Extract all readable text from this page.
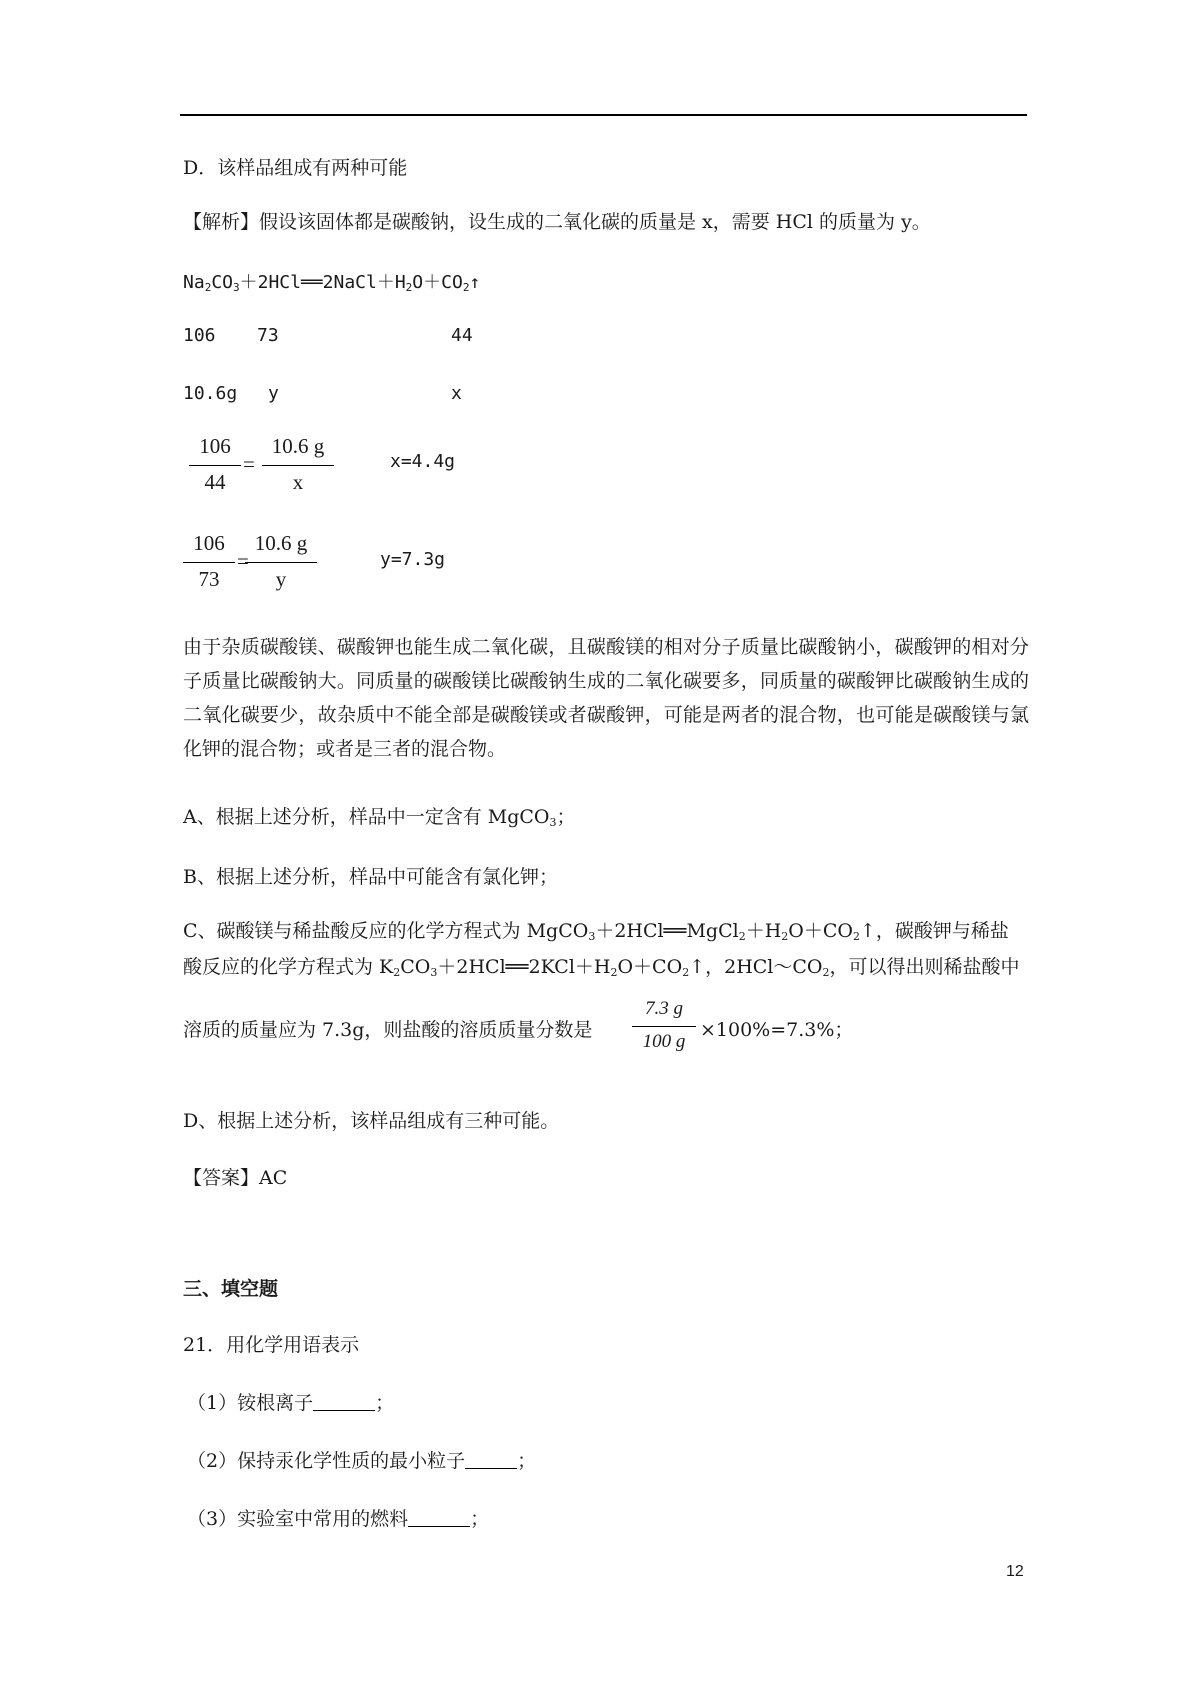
D．该样品组成有两种可能
【解析】假设该固体都是碳酸钠，设生成的二氧化碳的质量是 x，需要 HCl 的质量为 y。
$Na_2CO_3+2HCl══2NaCl+H_2O+CO_2↑$
106 73	44
10.6g y	x
$\frac{106}{44} = \frac{10.6 g}{x}$	x=4.4g
$\frac{106}{73}$ =
$\frac{10.6 g}{y}$	y=7.3g
由于杂质碳酸镁、碳酸钾也能生成二氧化碳，且碳酸镁的相对分子质量比碳酸钠小，碳酸钾的相对分子质量比碳酸钠大。同质量的碳酸镁比碳酸钠生成的二氧化碳要多，同质量的碳酸钾比碳酸钠生成的二氧化碳要少，故杂质中不能全部是碳酸镁或者碳酸钾，可能是两者的混合物，也可能是碳酸镁与氯化钾的混合物；或者是三者的混合物。
A、根据上述分析，样品中一定含有 MgCO$_3$；
B、根据上述分析，样品中可能含有氯化钾；
C、碳酸镁与稀盐酸反应的化学方程式为 $MgCO_3+2HCl══MgCl_2+H_2O+CO_2↑$，碳酸钾与稀盐
酸反应的化学方程式为 $K_2CO_3+2HCl══2KCl+H_2O+CO_2↑$，$2HCl\sim CO_2$，可以得出则稀盐酸中
溶质的质量应为 7.3g，则盐酸的溶质质量分数是 $\frac{7.3 g}{100 g} \times 100\%=7.3\%$；
D、根据上述分析，该样品组成有三种可能。
【答案】AC
三、填空题
21．用化学用语表示
（1）铵根离子	；
（2）保持汞化学性质的最小粒子	；
（3）实验室中常用的燃料	；
12
